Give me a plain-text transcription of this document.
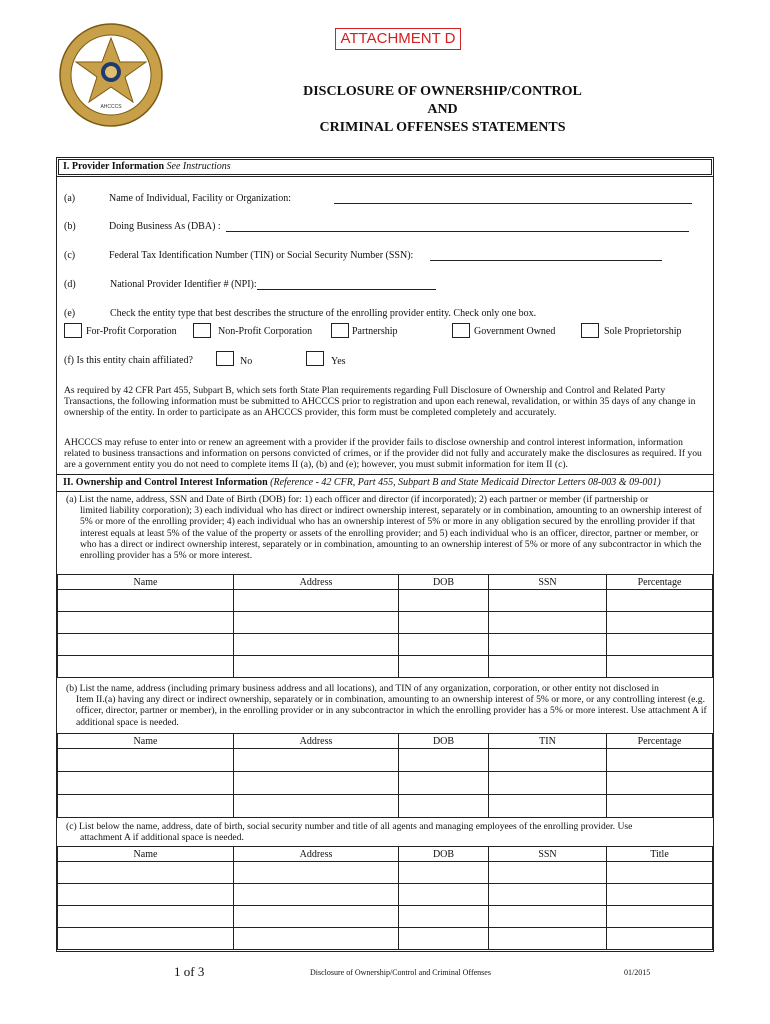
ATTACHMENT D
AHCCCS
DISCLOSURE OF OWNERSHIP/CONTROL
AND
CRIMINAL OFFENSES STATEMENTS
I. Provider Information See Instructions
(a)	Name of Individual, Facility or Organization:
(b)	Doing Business As (DBA) :
(c)	Federal Tax Identification Number (TIN) or Social Security Number (SSN):
(d)	National Provider Identifier # (NPI):
(e)	Check the entity type that best describes the structure of the enrolling provider entity. Check only one box.
For-Profit Corporation	Non-Profit Corporation	Partnership	Government Owned	Sole Proprietorship
(f) Is this entity chain affiliated?	No	Yes
As required by 42 CFR Part 455, Subpart B, which sets forth State Plan requirements regarding Full Disclosure of Ownership and Control and Related Party Transactions, the following information must be submitted to AHCCCS prior to registration and upon each renewal, revalidation, or within 35 days of any change in ownership of the entity. In order to participate as an AHCCCS provider, this form must be completed completely and accurately.
AHCCCS may refuse to enter into or renew an agreement with a provider if the provider fails to disclose ownership and control interest information, information related to business transactions and information on persons convicted of crimes, or if the provider did not fully and accurately make the disclosures as required. If you are a government entity you do not need to complete items II (a), (b) and (e); however, you must submit information for item II (c).
II. Ownership and Control Interest Information (Reference - 42 CFR, Part 455, Subpart B and State Medicaid Director Letters 08-003 & 09-001)
(a) List the name, address, SSN and Date of Birth (DOB) for: 1) each officer and director (if incorporated); 2) each partner or member (if partnership or
limited liability corporation); 3) each individual who has direct or indirect ownership interest, separately or in combination, amounting to an ownership interest of 5% or more of the enrolling provider; 4) each individual who has an ownership interest of 5% or more in any obligation secured by the enrolling provider if that interest equals at least 5% of the value of the property or assets of the enrolling provider; and 5) each individual who is an officer, director, partner or member, or who has a direct or indirect ownership interest, separately or in combination, amounting to an ownership interest of 5% or more of any subcontractor in which the enrolling provider has a 5% or more interest.
Name	Address	DOB	SSN	Percentage

(b) List the name, address (including primary business address and all locations), and TIN of any organization, corporation, or other entity not disclosed in
Item II.(a) having any direct or indirect ownership, separately or in combination, amounting to an ownership interest of 5% or more, or any controlling interest (e.g. officer, director, partner or member), in the enrolling provider or in any subcontractor in which the enrolling provider has a 5% or more interest. Use attachment A if additional space is needed.
Name	Address	DOB	TIN	Percentage

(c) List below the name, address, date of birth, social security number and title of all agents and managing employees of the enrolling provider. Use
attachment A if additional space is needed.
Name	Address	DOB	SSN	Title

1 of 3	Disclosure of Ownership/Control and Criminal Offenses	01/2015
